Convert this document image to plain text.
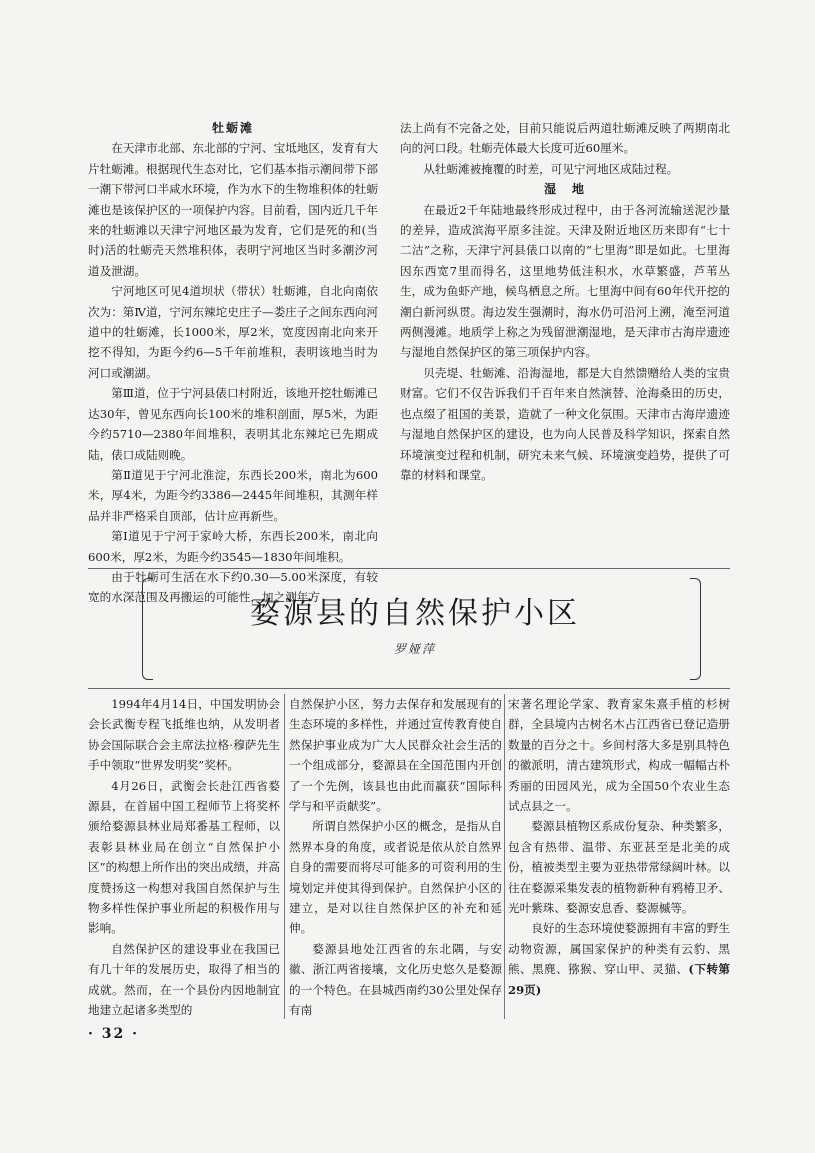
牡蛎滩

在天津市北部、东北部的宁河、宝坻地区，发育有大片牡蛎滩。根据现代生态对比，它们基本指示潮间带下部一潮下带河口半咸水环境，作为水下的生物堆积体的牡蛎滩也是该保护区的一项保护内容。目前看，国内近几千年来的牡蛎滩以天津宁河地区最为发育，它们是死的和(当时)活的牡蛎壳天然堆积体，表明宁河地区当时多潮汐河道及泄湖。

宁河地区可见4道坝状（带状）牡蛎滩，自北向南依次为：第Ⅳ道，宁河东辣坨史庄子—娄庄子之间东西向河道中的牡蛎滩，长1000米，厚2米，宽度因南北向来开挖不得知，为距今约6—5千年前堆积，表明该地当时为河口或潮湖。

第Ⅲ道，位于宁河县俵口村附近，该地开挖牡蛎滩已达30年，曾见东西向长100米的堆积剖面，厚5米，为距今约5710—2380年间堆积，表明其北东辣坨已先期成陆，俵口成陆则晚。

第Ⅱ道见于宁河北淮淀，东西长200米，南北为600米，厚4米，为距今约3386—2445年间堆积，其测年样品并非严格采自顶部，估计应再新些。

第Ⅰ道见于宁河于家岭大桥，东西长200米，南北向600米，厚2米，为距今约3545—1830年间堆积。

由于牡蛎可生活在水下约0.30—5.00米深度，有较宽的水深范围及再搬运的可能性，加之测年方

法上尚有不完备之处，目前只能说后两道牡蛎滩反映了两期南北向的河口段。牡蛎壳体最大长度可近60厘米。

从牡蛎滩被掩覆的时差，可见宁河地区成陆过程。

湿　地

在最近2千年陆地最终形成过程中，由于各河流输送泥沙量的差异，造成滨海平原多洼淀。天津及附近地区历来即有“七十二沽”之称，天津宁河县俵口以南的“七里海”即是如此。七里海因东西宽7里而得名，这里地势低洼积水，水草繁盛，芦苇丛生，成为鱼虾产地，候鸟栖息之所。七里海中间有60年代开挖的潮白新河纵贯。海边发生强潮时，海水仍可沿河上溯，淹至河道两侧漫滩。地质学上称之为残留泄潮湿地，是天津市古海岸遗迹与湿地自然保护区的第三项保护内容。

贝壳堤、牡蛎滩、沿海湿地，都是大自然馈赠给人类的宝贵财富。它们不仅告诉我们千百年来自然演替、沧海桑田的历史，也点缀了祖国的美景，造就了一种文化氛围。天津市古海岸遗迹与湿地自然保护区的建设，也为向人民普及科学知识，探索自然环境演变过程和机制，研究未来气候、环境演变趋势，提供了可靠的材料和课堂。

婺源县的自然保护小区
罗娅萍

1994年4月14日，中国发明协会会长武衡专程飞抵维也纳，从发明者协会国际联合会主席法拉格·穆萨先生手中领取“世界发明奖”奖杯。

4月26日，武衡会长赴江西省婺源县，在首届中国工程师节上将奖杯颁给婺源县林业局郑番基工程师，以表彰县林业局在创立“自然保护小区”的构想上所作出的突出成绩，并高度赞扬这一构想对我国自然保护与生物多样性保护事业所起的积极作用与影响。

自然保护区的建设事业在我国已有几十年的发展历史，取得了相当的成就。然而，在一个县份内因地制宜地建立起诸多类型的

自然保护小区，努力去保存和发展现有的生态环境的多样性，并通过宣传教育使自然保护事业成为广大人民群众社会生活的一个组成部分，婺源县在全国范围内开创了一个先例，该县也由此而赢获“国际科学与和平贡献奖”。

所谓自然保护小区的概念，是指从自然界本身的角度，或者说是依从於自然界自身的需要而将尽可能多的可资利用的生境划定并使其得到保护。自然保护小区的建立，是对以往自然保护区的补充和延伸。

婺源县地处江西省的东北隅，与安徽、浙江两省接壤，文化历史悠久是婺源的一个特色。在县城西南约30公里处保存有南

宋著名理论学家、教育家朱熹手植的杉树群，全县境内古树名木占江西省已登记造册数量的百分之十。乡间村落大多是别具特色的徽派明，清古建筑形式，构成一幅幅古朴秀丽的田园风光，成为全国50个农业生态试点县之一。

婺源县植物区系成份复杂、种类繁多，包含有热带、温带、东亚甚至是北美的成份，植被类型主要为亚热带常绿阔叶林。以往在婺源采集发表的植物新种有鸦椿卫矛、光叶紫珠、婺源安息香、婺源槭等。

良好的生态环境使婺源拥有丰富的野生动物资源，属国家保护的种类有云豹、黑熊、黑麂、猕猴、穿山甲、灵猫、(下转第29页)

· 32 ·
